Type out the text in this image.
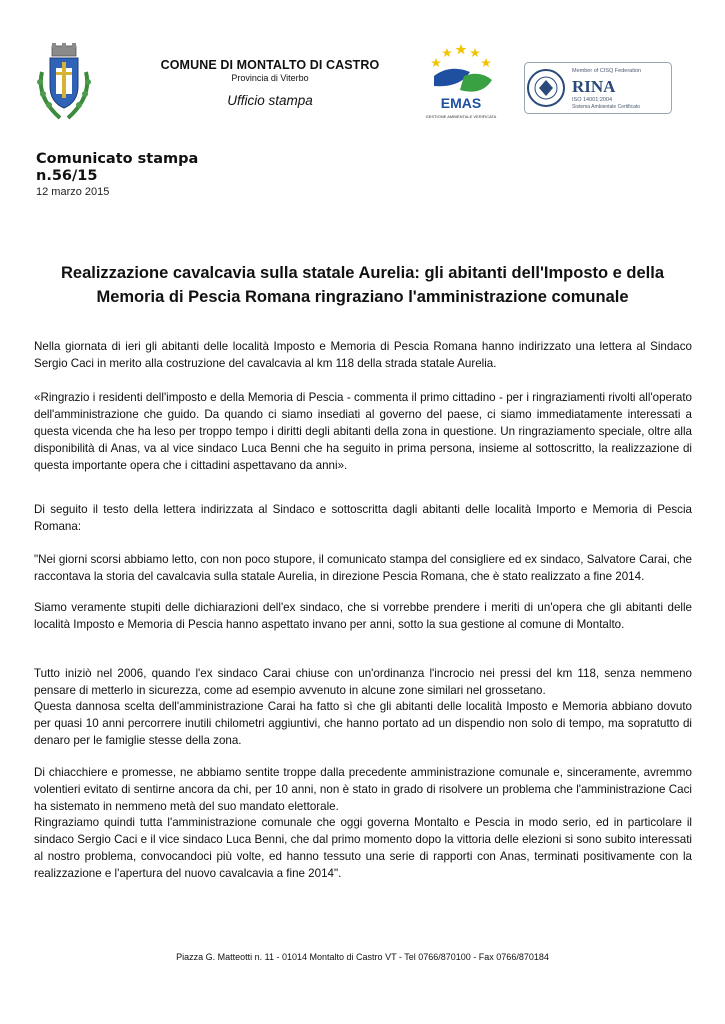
COMUNE DI MONTALTO DI CASTRO
Provincia di Viterbo
Ufficio stampa	EMAS
GESTIONE AMBIENTALE VERIFICATA
Member of CISQ Federation
RINA
ISO 14001:2004
Sistema Ambientale Certificato
Comunicato stampa
n.56/15
12 marzo 2015
Realizzazione cavalcavia sulla statale Aurelia: gli abitanti dell'Imposto e della
Memoria di Pescia Romana ringraziano l'amministrazione comunale

Nella giornata di ieri gli abitanti delle località Imposto e Memoria di Pescia Romana hanno indirizzato una lettera al Sindaco Sergio Caci in merito alla costruzione del cavalcavia al km 118 della strada statale Aurelia.

«Ringrazio i residenti dell'imposto e della Memoria di Pescia - commenta il primo cittadino - per i ringraziamenti rivolti all'operato dell'amministrazione che guido. Da quando ci siamo insediati al governo del paese, ci siamo immediatamente interessati a questa vicenda che ha leso per troppo tempo i diritti degli abitanti della zona in questione. Un ringraziamento speciale, oltre alla disponibilità di Anas, va al vice sindaco Luca Benni che ha seguito in prima persona, insieme al sottoscritto, la realizzazione di questa importante opera che i cittadini aspettavano da anni».

Di seguito il testo della lettera indirizzata al Sindaco e sottoscritta dagli abitanti delle località Importo e Memoria di Pescia Romana:

"Nei giorni scorsi abbiamo letto, con non poco stupore, il comunicato stampa del consigliere ed ex sindaco, Salvatore Carai, che raccontava la storia del cavalcavia sulla statale Aurelia, in direzione Pescia Romana, che è stato realizzato a fine 2014.

Siamo veramente stupiti delle dichiarazioni dell'ex sindaco, che si vorrebbe prendere i meriti di un'opera che gli abitanti delle località Imposto e Memoria di Pescia hanno aspettato invano per anni, sotto la sua gestione al comune di Montalto.

Tutto iniziò nel 2006, quando l'ex sindaco Carai chiuse con un'ordinanza l'incrocio nei pressi del km 118, senza nemmeno pensare di metterlo in sicurezza, come ad esempio avvenuto in alcune zone similari nel grossetano.

Questa dannosa scelta dell'amministrazione Carai ha fatto sì che gli abitanti delle località Imposto e Memoria abbiano dovuto per quasi 10 anni percorrere inutili chilometri aggiuntivi, che hanno portato ad un dispendio non solo di tempo, ma sopratutto di denaro per le famiglie stesse della zona.

Di chiacchiere e promesse, ne abbiamo sentite troppe dalla precedente amministrazione comunale e, sinceramente, avremmo volentieri evitato di sentirne ancora da chi, per 10 anni, non è stato in grado di risolvere un problema che l'amministrazione Caci ha sistemato in nemmeno metà del suo mandato elettorale.

Ringraziamo quindi tutta l'amministrazione comunale che oggi governa Montalto e Pescia in modo serio, ed in particolare il sindaco Sergio Caci e il vice sindaco Luca Benni, che dal primo momento dopo la vittoria delle elezioni si sono subito interessati al nostro problema, convocandoci più volte, ed hanno tessuto una serie di rapporti con Anas, terminati positivamente con la realizzazione e l'apertura del nuovo cavalcavia a fine 2014".

Piazza G. Matteotti n. 11 - 01014 Montalto di Castro VT - Tel 0766/870100 - Fax 0766/870184
